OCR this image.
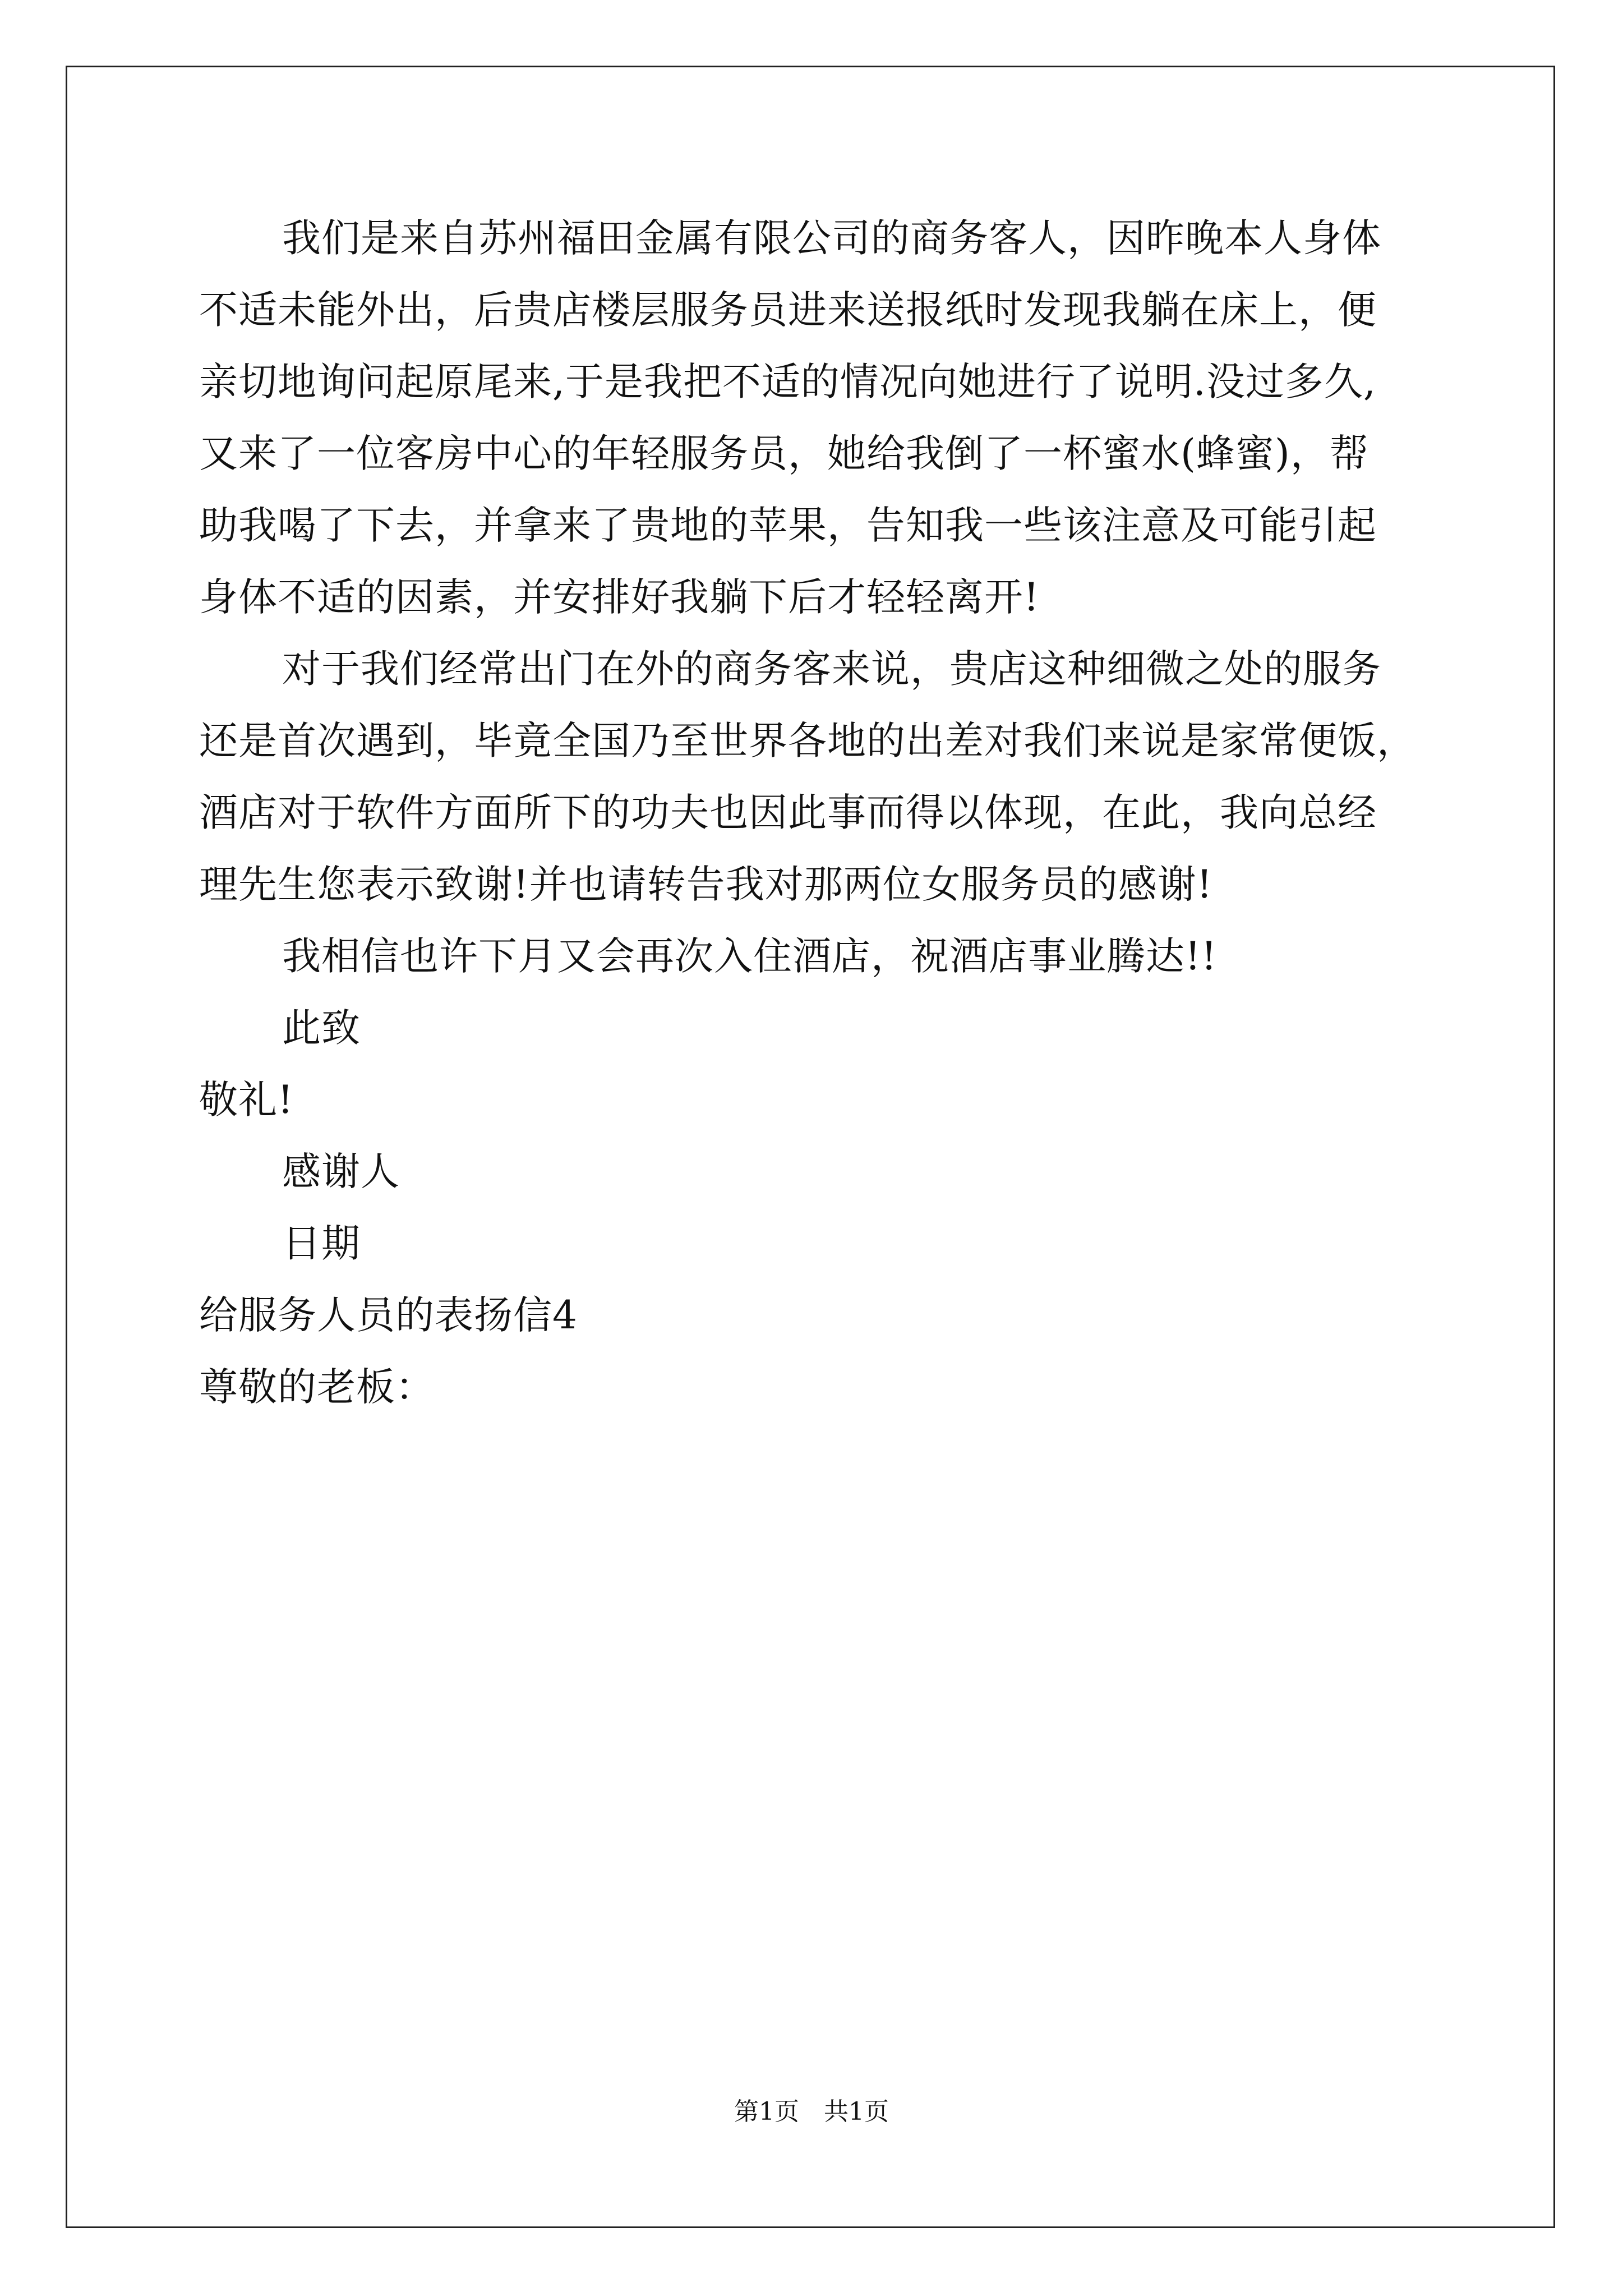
我们是来自苏州福田金属有限公司的商务客人，因昨晚本人身体
不适未能外出，后贵店楼层服务员进来送报纸时发现我躺在床上，便
亲切地询问起原尾来,于是我把不适的情况向她进行了说明.没过多久,
又来了一位客房中心的年轻服务员，她给我倒了一杯蜜水(蜂蜜)，帮
助我喝了下去，并拿来了贵地的苹果，告知我一些该注意及可能引起
身体不适的因素，并安排好我躺下后才轻轻离开!
对于我们经常出门在外的商务客来说，贵店这种细微之处的服务
还是首次遇到，毕竟全国乃至世界各地的出差对我们来说是家常便饭，
酒店对于软件方面所下的功夫也因此事而得以体现，在此，我向总经
理先生您表示致谢!并也请转告我对那两位女服务员的感谢!
我相信也许下月又会再次入住酒店，祝酒店事业腾达!!
此致
敬礼!
感谢人
日期
给服务人员的表扬信4
尊敬的老板：
第1页　共1页
